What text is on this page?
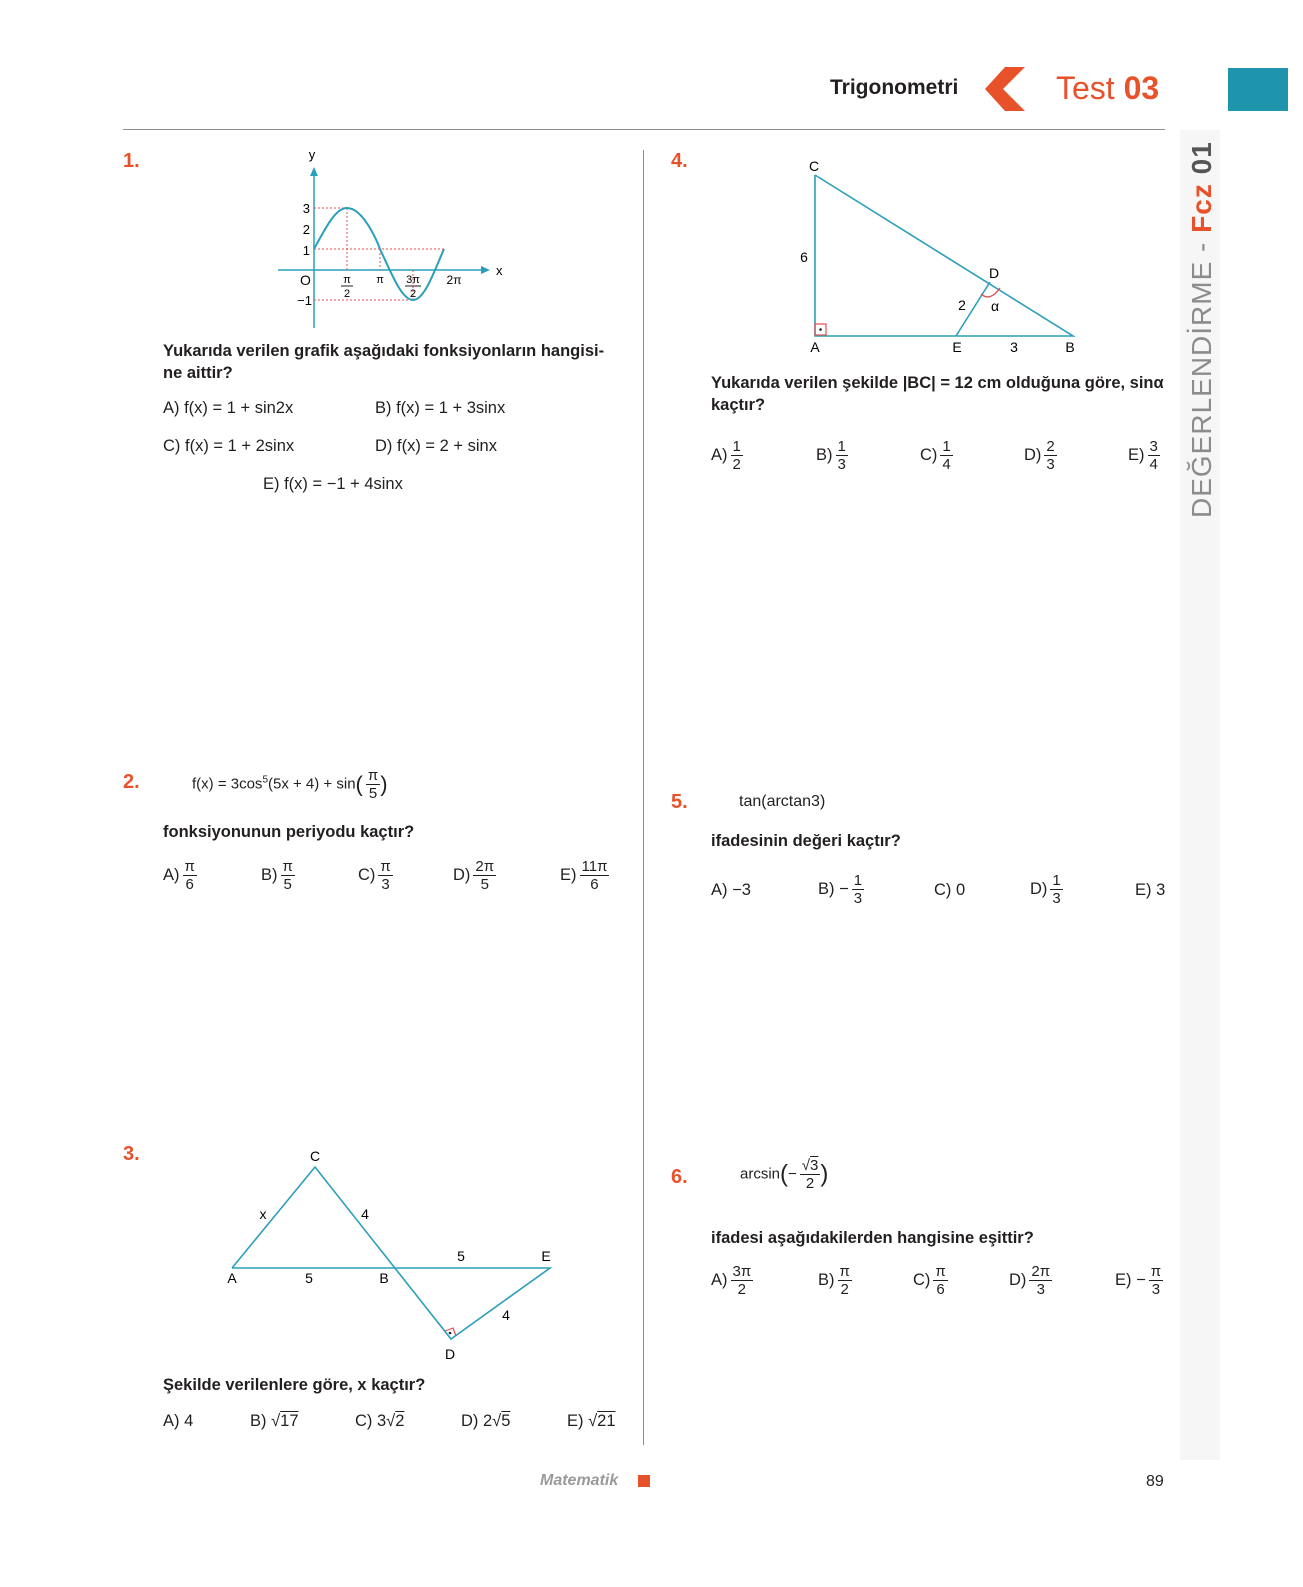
Trigonometri	Test 03
DEĞERLENDİRME - Fcz 01
1.	y
x
3
2
1
−1
O	π
2
π 3π
2
2π
Yukarıda verilen grafik aşağıdaki fonksiyonların hangisi-ne aittir?
A) f(x) = 1 + sin2x	B) f(x) = 1 + 3sinx
C) f(x) = 1 + 2sinx	D) f(x) = 2 + sinx
E) f(x) = −1 + 4sinx
2.	$f(x) = 3\cos^5(5x + 4) + \sin( \frac{\pi}{5}$ )
fonksiyonunun periyodu kaçtır?
$A) \frac{\pi}{6}$	$B) \frac{\pi}{5}$	$C) \frac{\pi}{3}$	$D) \frac{2\pi}{5}$	$E) \frac{11\pi}{6}$
3.	C
A	B
E
D
x	4
5
5
4
Şekilde verilenlere göre, x kaçtır?
A) 4	B) √17	C) 3√2	D) 2√5	E) √21
4.	C
A	E	B
D
6
2
3
α
Yukarıda verilen şekilde |BC| = 12 cm olduğuna göre, sinα kaçtır?
$A) \frac{1}{2}$	$B) \frac{1}{3}$	$C) \frac{1}{4}$	$D) \frac{2}{3}$	$E) \frac{3}{4}$
5.	tan(arctan3)
ifadesinin değeri kaçtır?
A) −3	$B) - \frac{1}{3}$	C) 0	$D) \frac{1}{3}$	E) 3
6.	$\arcsin(- \frac{√3}{2}$ )
ifadesi aşağıdakilerden hangisine eşittir?
$A) \frac{3\pi}{2}$	$B) \frac{\pi}{2}$	$C) \frac{\pi}{6}$	$D) \frac{2\pi}{3}$	$E) - \frac{\pi}{3}$
Matematik	89
